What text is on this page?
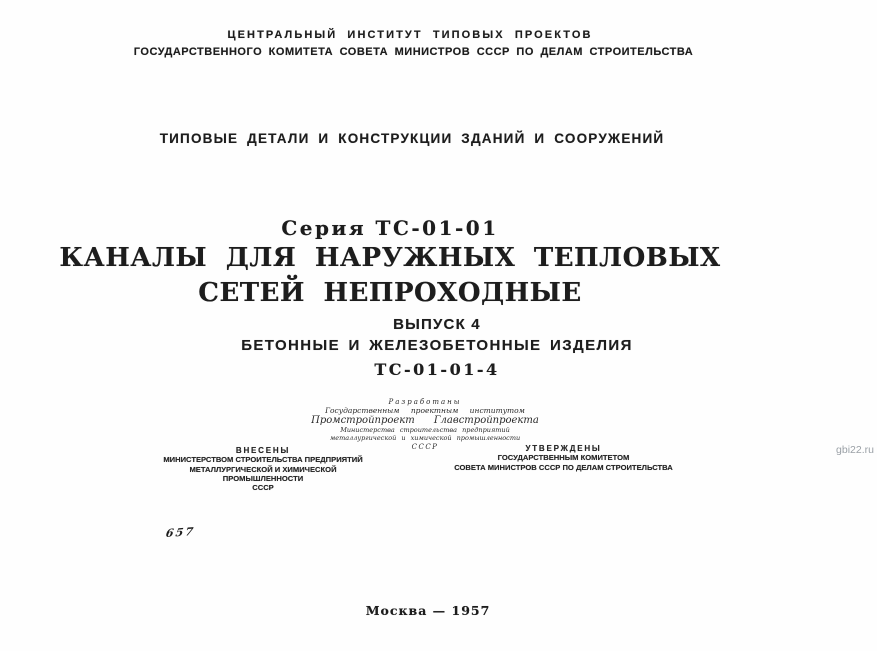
ЦЕНТРАЛЬНЫЙ ИНСТИТУТ ТИПОВЫХ ПРОЕКТОВ
ГОСУДАРСТВЕННОГО КОМИТЕТА СОВЕТА МИНИСТРОВ СССР ПО ДЕЛАМ СТРОИТЕЛЬСТВА
ТИПОВЫЕ ДЕТАЛИ И КОНСТРУКЦИИ ЗДАНИЙ И СООРУЖЕНИЙ
Серия ТС-01-01
КАНАЛЫ ДЛЯ НАРУЖНЫХ ТЕПЛОВЫХ
СЕТЕЙ НЕПРОХОДНЫЕ
ВЫПУСК 4
БЕТОННЫЕ И ЖЕЛЕЗОБЕТОННЫЕ ИЗДЕЛИЯ
ТС-01-01-4
Разработаны
Государственным проектным институтом
Промстройпроект Главстройпроекта
Министерства строительства предприятий
металлургической и химической промышленности
СССР
ВНЕСЕНЫ
МИНИСТЕРСТВОМ СТРОИТЕЛЬСТВА ПРЕДПРИЯТИЙ
МЕТАЛЛУРГИЧЕСКОЙ И ХИМИЧЕСКОЙ ПРОМЫШЛЕННОСТИ
СССР
УТВЕРЖДЕНЫ
ГОСУДАРСТВЕННЫМ КОМИТЕТОМ
СОВЕТА МИНИСТРОВ СССР ПО ДЕЛАМ СТРОИТЕЛЬСТВА
657
Москва — 1957
gbi22.ru
